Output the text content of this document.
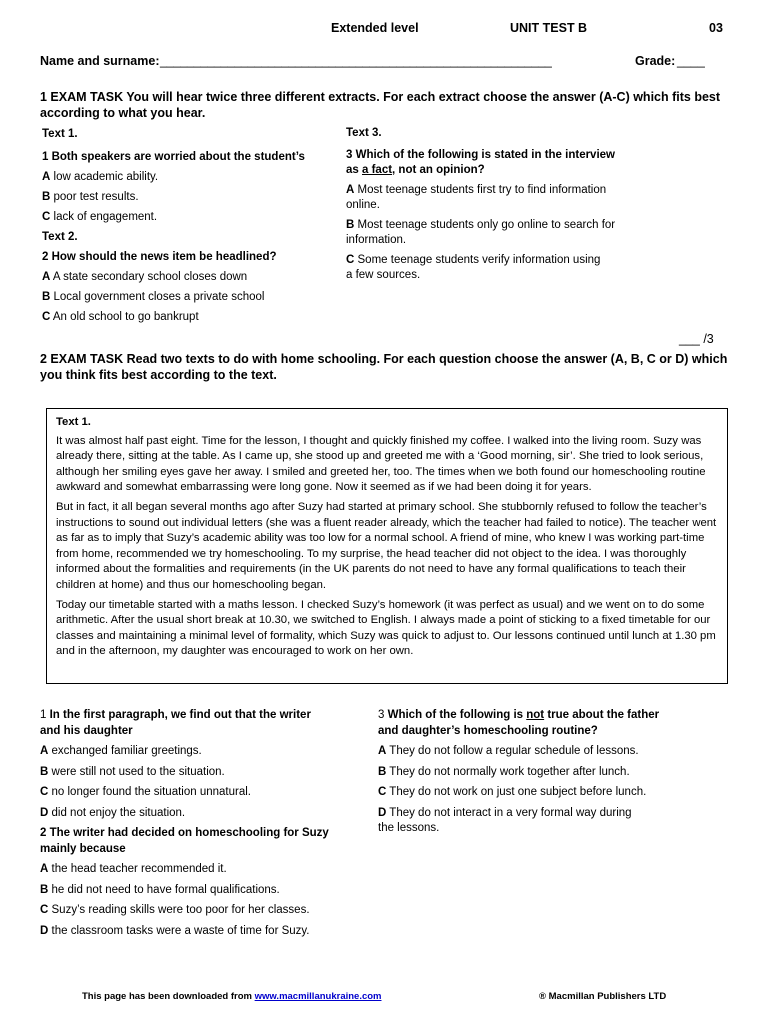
Extended level	UNIT TEST B	03
Name and surname: __________________________________________________________	Grade: ____
1 EXAM TASK You will hear twice three different extracts. For each extract choose the answer (A-C) which fits best
according to what you hear.

Text 1.

1 Both speakers are worried about the student’s

A low academic ability.

B poor test results.

C lack of engagement.

Text 2.

2 How should the news item be headlined?

A A state secondary school closes down

B Local government closes a private school

C An old school to go bankrupt

Text 3.

3 Which of the following is stated in the interview
as a fact, not an opinion?

A Most teenage students first try to find information
online.

B Most teenage students only go online to search for
information.

C Some teenage students verify information using
a few sources.

___ /3
2 EXAM TASK Read two texts to do with home schooling. For each question choose the answer (A, B, C or D) which
you think fits best according to the text.

Text 1.

It was almost half past eight. Time for the lesson, I thought and quickly finished my coffee. I walked into the living room. Suzy was already there, sitting at the table. As I came up, she stood up and greeted me with a ‘Good morning, sir’. She tried to look serious, although her smiling eyes gave her away. I smiled and greeted her, too. The times when we both found our homeschooling routine awkward and somewhat embarrassing were long gone. Now it seemed as if we had been doing it for years.

But in fact, it all began several months ago after Suzy had started at primary school. She stubbornly refused to follow the teacher’s instructions to sound out individual letters (she was a fluent reader already, which the teacher had failed to notice). The teacher went as far as to imply that Suzy’s academic ability was too low for a normal school. A friend of mine, who knew I was working part-time from home, recommended we try homeschooling. To my surprise, the head teacher did not object to the idea. I was thoroughly informed about the formalities and requirements (in the UK parents do not need to have any formal qualifications to teach their children at home) and thus our homeschooling began.

Today our timetable started with a maths lesson. I checked Suzy’s homework (it was perfect as usual) and we went on to do some arithmetic. After the usual short break at 10.30, we switched to English. I always made a point of sticking to a fixed timetable for our classes and maintaining a minimal level of formality, which Suzy was quick to adjust to. Our lessons continued until lunch at 1.30 pm and in the afternoon, my daughter was encouraged to work on her own.

1 In the first paragraph, we find out that the writer
and his daughter

A exchanged familiar greetings.

B were still not used to the situation.

C no longer found the situation unnatural.

D did not enjoy the situation.

2 The writer had decided on homeschooling for Suzy
mainly because

A the head teacher recommended it.

B he did not need to have formal qualifications.

C Suzy’s reading skills were too poor for her classes.

D the classroom tasks were a waste of time for Suzy.

3 Which of the following is not true about the father
and daughter’s homeschooling routine?

A They do not follow a regular schedule of lessons.

B They do not normally work together after lunch.

C They do not work on just one subject before lunch.

D They do not interact in a very formal way during
the lessons.

This page has been downloaded from www.macmillanukraine.com	® Macmillan Publishers LTD
